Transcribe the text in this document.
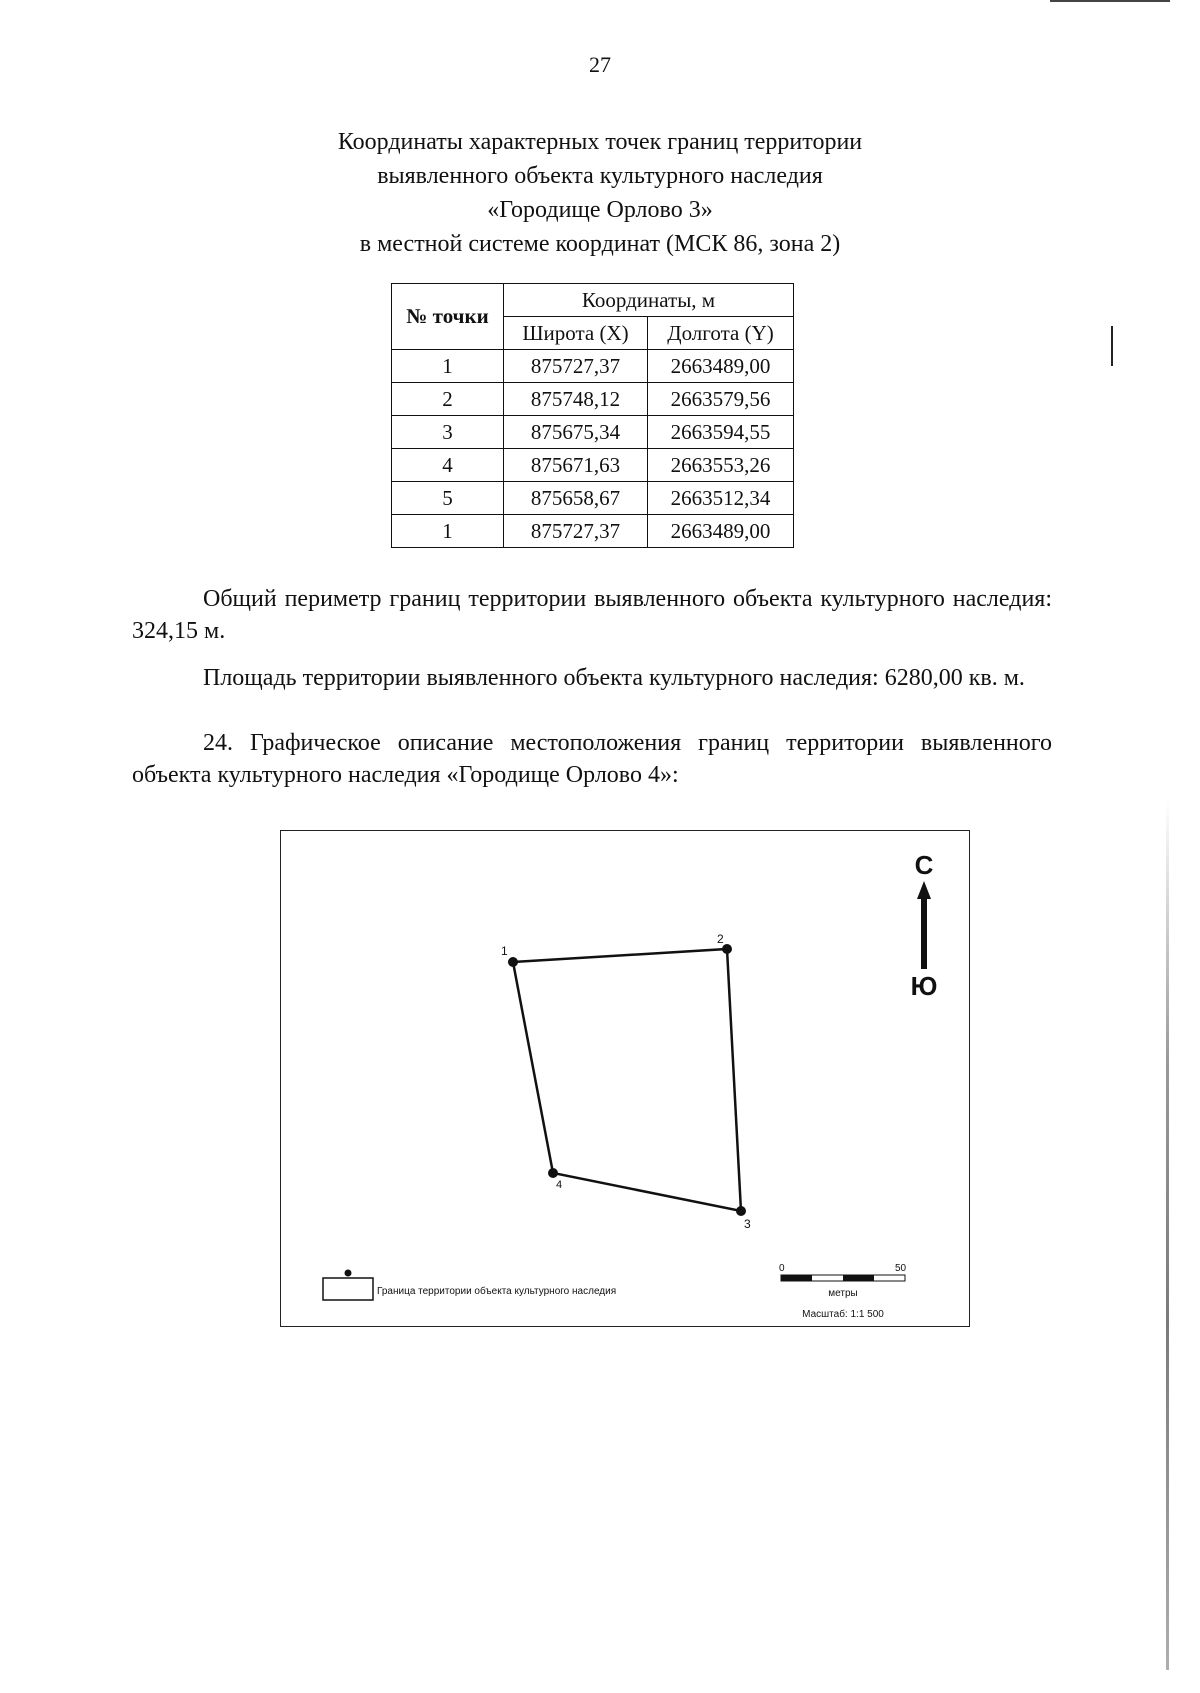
27
Координаты характерных точек границ территории
выявленного объекта культурного наследия
«Городище Орлово 3»
в местной системе координат (МСК 86, зона 2)
№ точки	Координаты, м	
	Широта (X)	Долгота (Y)
1	875727,37	2663489,00
2	875748,12	2663579,56
3	875675,34	2663594,55
4	875671,63	2663553,26
5	875658,67	2663512,34
1	875727,37	2663489,00

Общий периметр границ территории выявленного объекта культурного наследия: 324,15 м.

Площадь территории выявленного объекта культурного наследия: 6280,00 кв. м.

24. Графическое описание местоположения границ территории выявленного объекта культурного наследия «Городище Орлово 4»:

1
2
3
4
С
Ю
Граница территории объекта культурного наследия
0	50
метры
Масштаб: 1:1 500
